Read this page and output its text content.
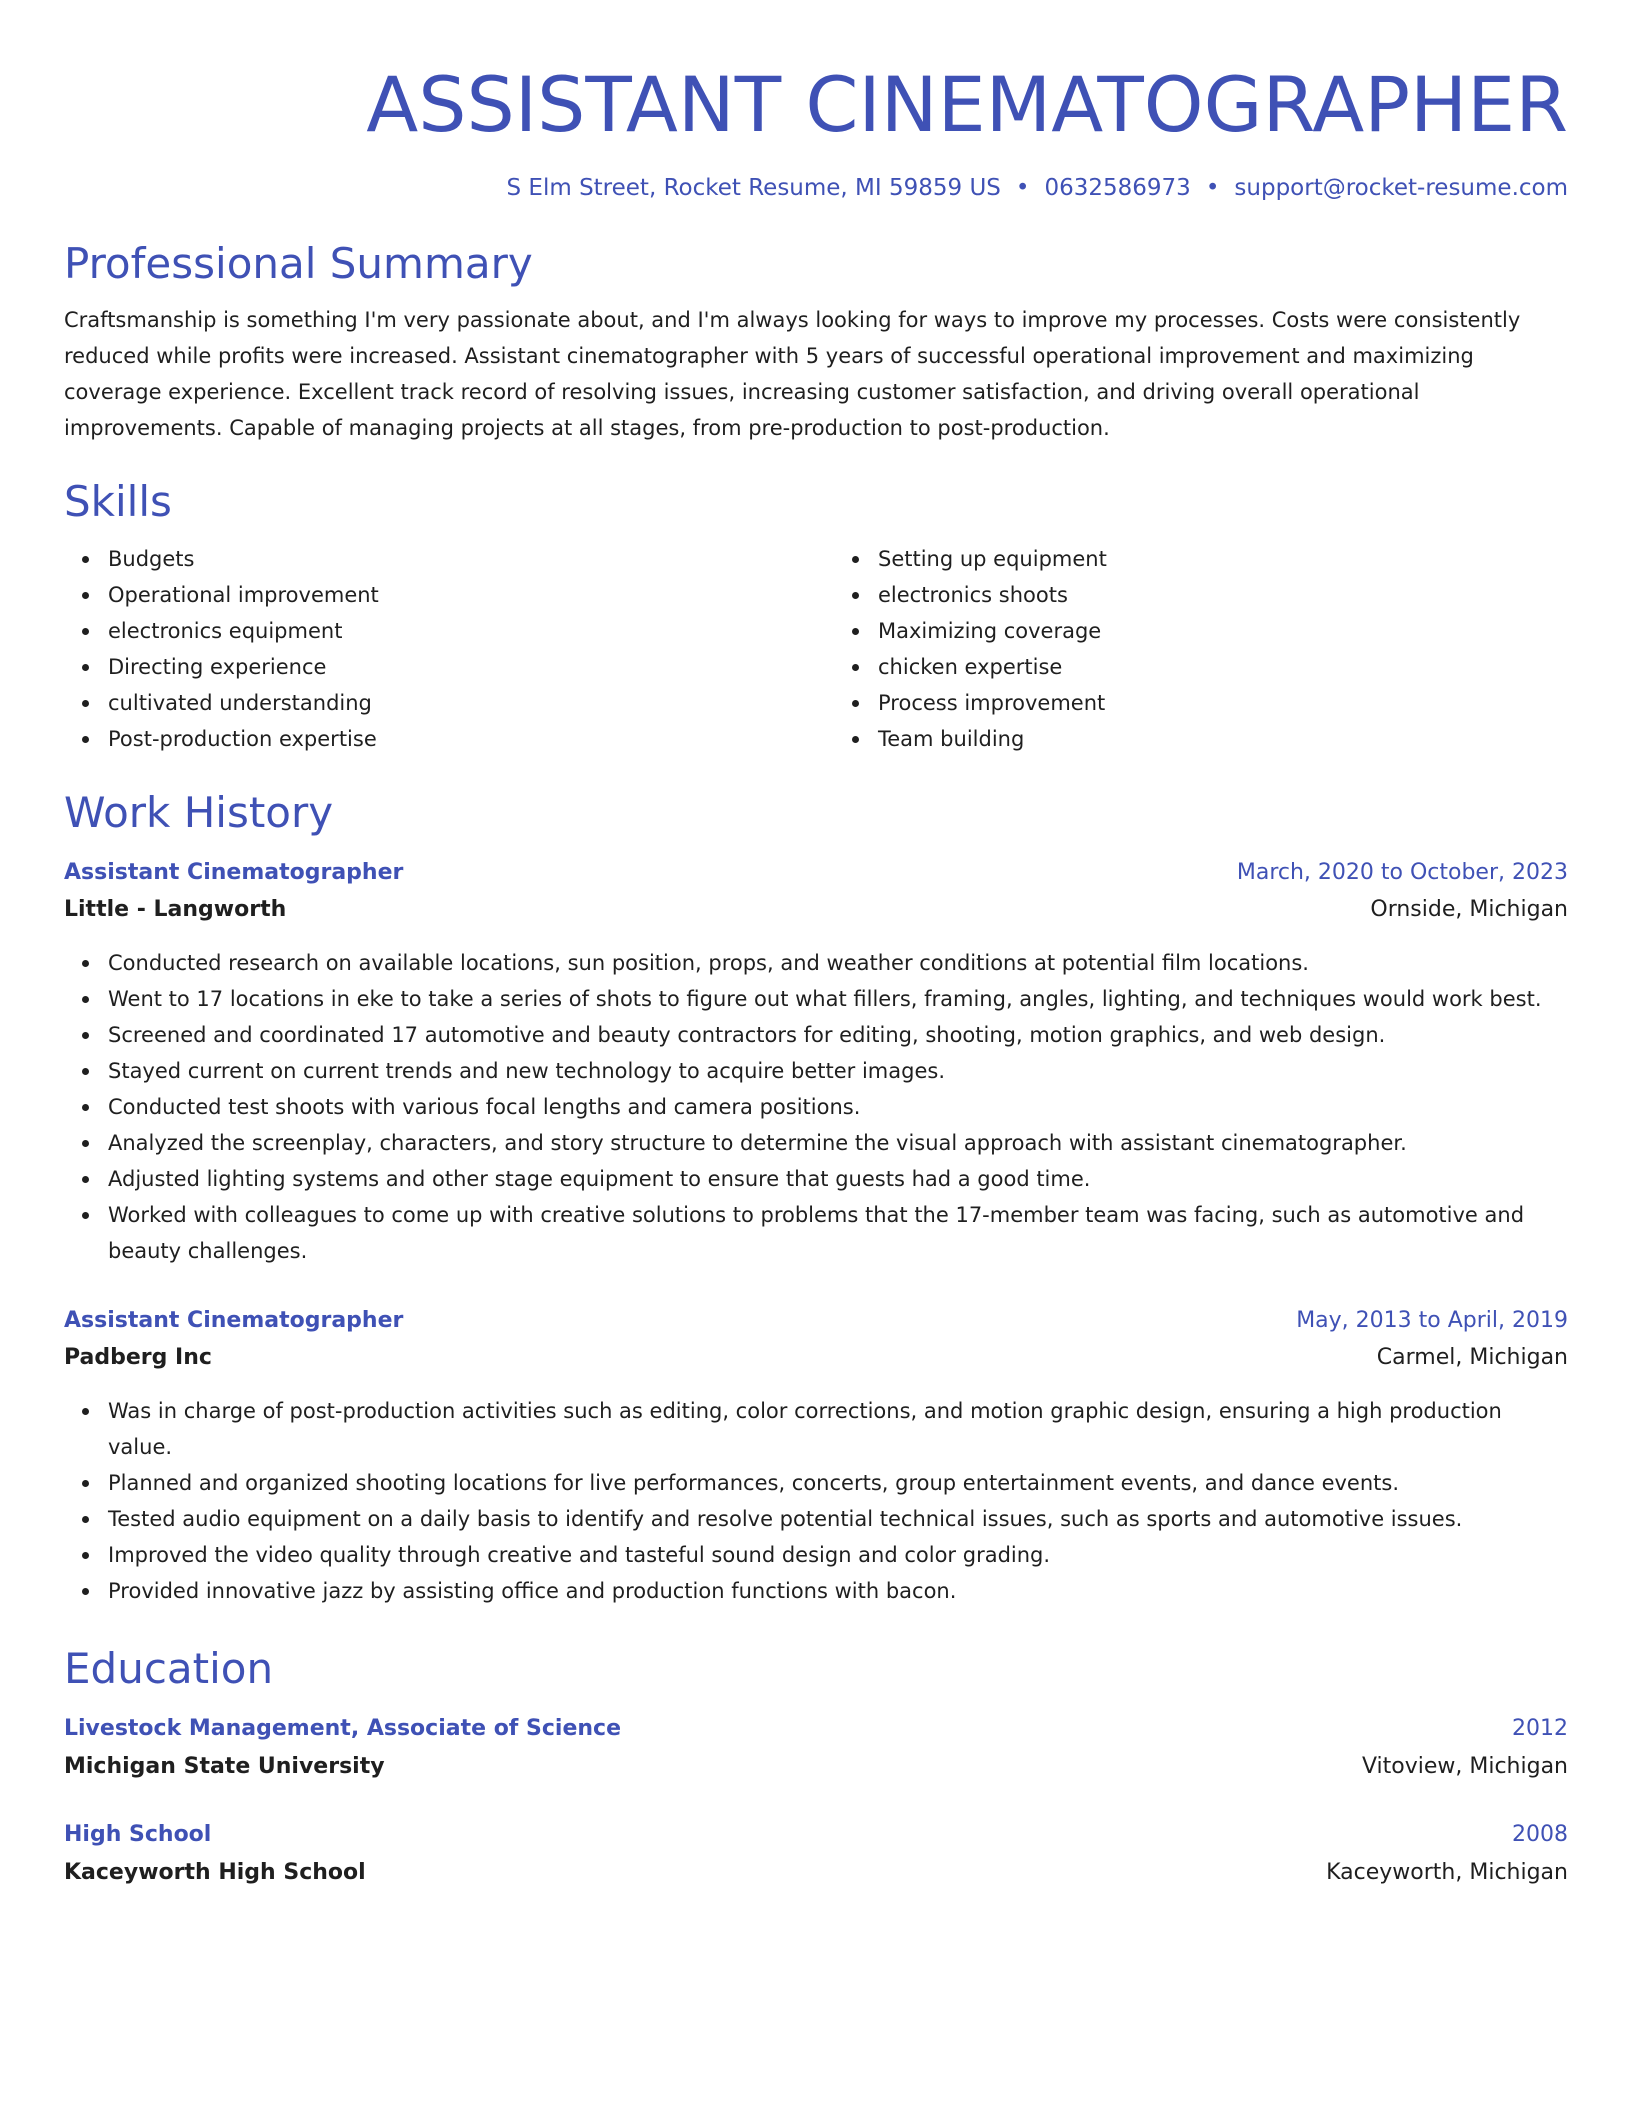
ASSISTANT CINEMATOGRAPHER
S Elm Street, Rocket Resume, MI 59859 US • 0632586973 • support@rocket-resume.com
Professional Summary
Craftsmanship is something I'm very passionate about, and I'm always looking for ways to improve my processes. Costs were consistently reduced while profits were increased. Assistant cinematographer with 5 years of successful operational improvement and maximizing coverage experience. Excellent track record of resolving issues, increasing customer satisfaction, and driving overall operational improvements. Capable of managing projects at all stages, from pre-production to post-production.
Skills
Budgets
Operational improvement
electronics equipment
Directing experience
cultivated understanding
Post-production expertise
Setting up equipment
electronics shoots
Maximizing coverage
chicken expertise
Process improvement
Team building
Work History
Assistant Cinematographer	March, 2020 to October, 2023
Little - Langworth	Ornside, Michigan
Conducted research on available locations, sun position, props, and weather conditions at potential film locations.
Went to 17 locations in eke to take a series of shots to figure out what fillers, framing, angles, lighting, and techniques would work best.
Screened and coordinated 17 automotive and beauty contractors for editing, shooting, motion graphics, and web design.
Stayed current on current trends and new technology to acquire better images.
Conducted test shoots with various focal lengths and camera positions.
Analyzed the screenplay, characters, and story structure to determine the visual approach with assistant cinematographer.
Adjusted lighting systems and other stage equipment to ensure that guests had a good time.
Worked with colleagues to come up with creative solutions to problems that the 17-member team was facing, such as automotive and beauty challenges.
Assistant Cinematographer	May, 2013 to April, 2019
Padberg Inc	Carmel, Michigan
Was in charge of post-production activities such as editing, color corrections, and motion graphic design, ensuring a high production value.
Planned and organized shooting locations for live performances, concerts, group entertainment events, and dance events.
Tested audio equipment on a daily basis to identify and resolve potential technical issues, such as sports and automotive issues.
Improved the video quality through creative and tasteful sound design and color grading.
Provided innovative jazz by assisting office and production functions with bacon.
Education
Livestock Management, Associate of Science	2012
Michigan State University	Vitoview, Michigan
High School	2008
Kaceyworth High School	Kaceyworth, Michigan
